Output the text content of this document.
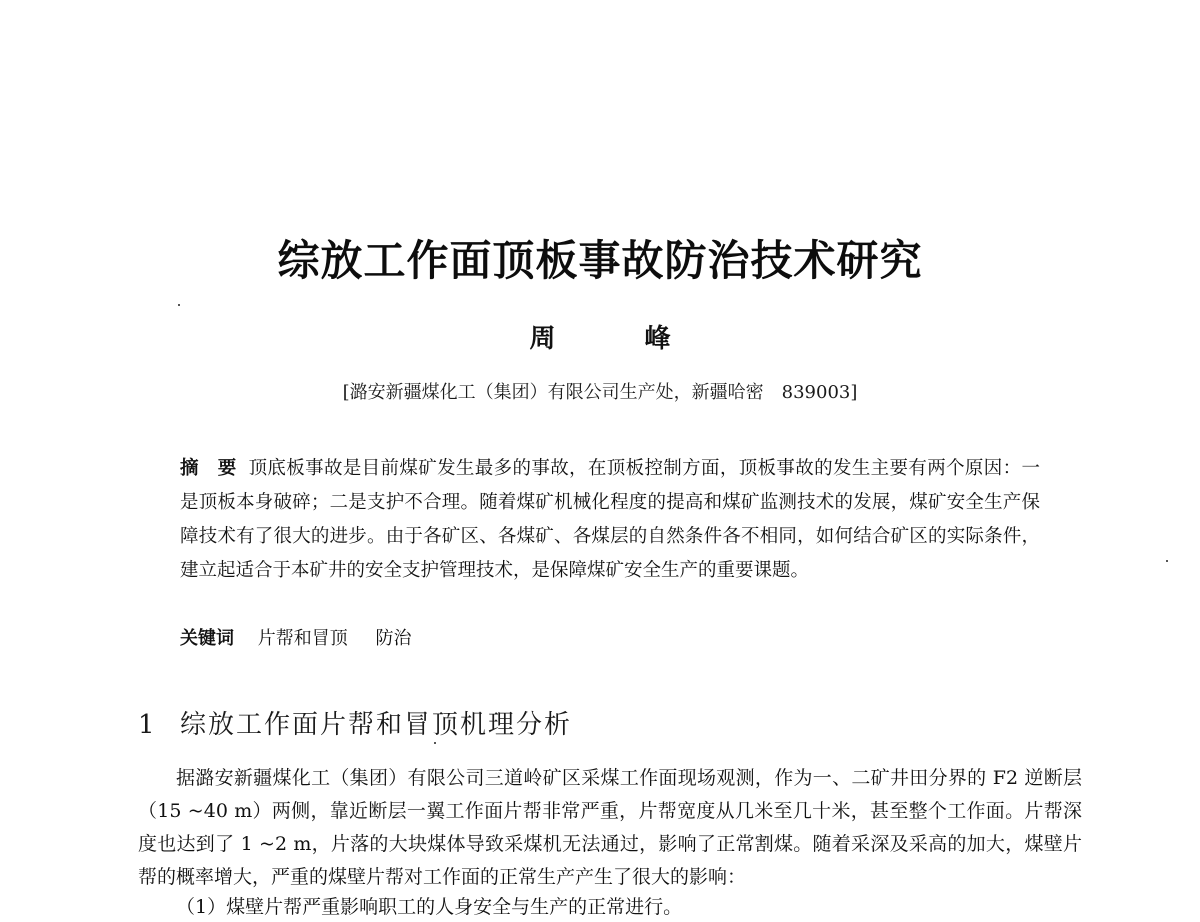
综放工作面顶板事故防治技术研究
周 峰
[潞安新疆煤化工（集团）有限公司生产处，新疆哈密　839003]
摘　要 顶底板事故是目前煤矿发生最多的事故，在顶板控制方面，顶板事故的发生主要有两个原因：一是顶板本身破碎；二是支护不合理。随着煤矿机械化程度的提高和煤矿监测技术的发展，煤矿安全生产保障技术有了很大的进步。由于各矿区、各煤矿、各煤层的自然条件各不相同，如何结合矿区的实际条件，建立起适合于本矿井的安全支护管理技术，是保障煤矿安全生产的重要课题。
关键词 片帮和冒顶 防治
1 综放工作面片帮和冒顶机理分析
据潞安新疆煤化工（集团）有限公司三道岭矿区采煤工作面现场观测，作为一、二矿井田分界的 F2 逆断层（15 ~40 m）两侧，靠近断层一翼工作面片帮非常严重，片帮宽度从几米至几十米，甚至整个工作面。片帮深度也达到了 1 ~2 m，片落的大块煤体导致采煤机无法通过，影响了正常割煤。随着采深及采高的加大，煤壁片帮的概率增大，严重的煤壁片帮对工作面的正常生产产生了很大的影响：
（1）煤壁片帮严重影响职工的人身安全与生产的正常进行。
